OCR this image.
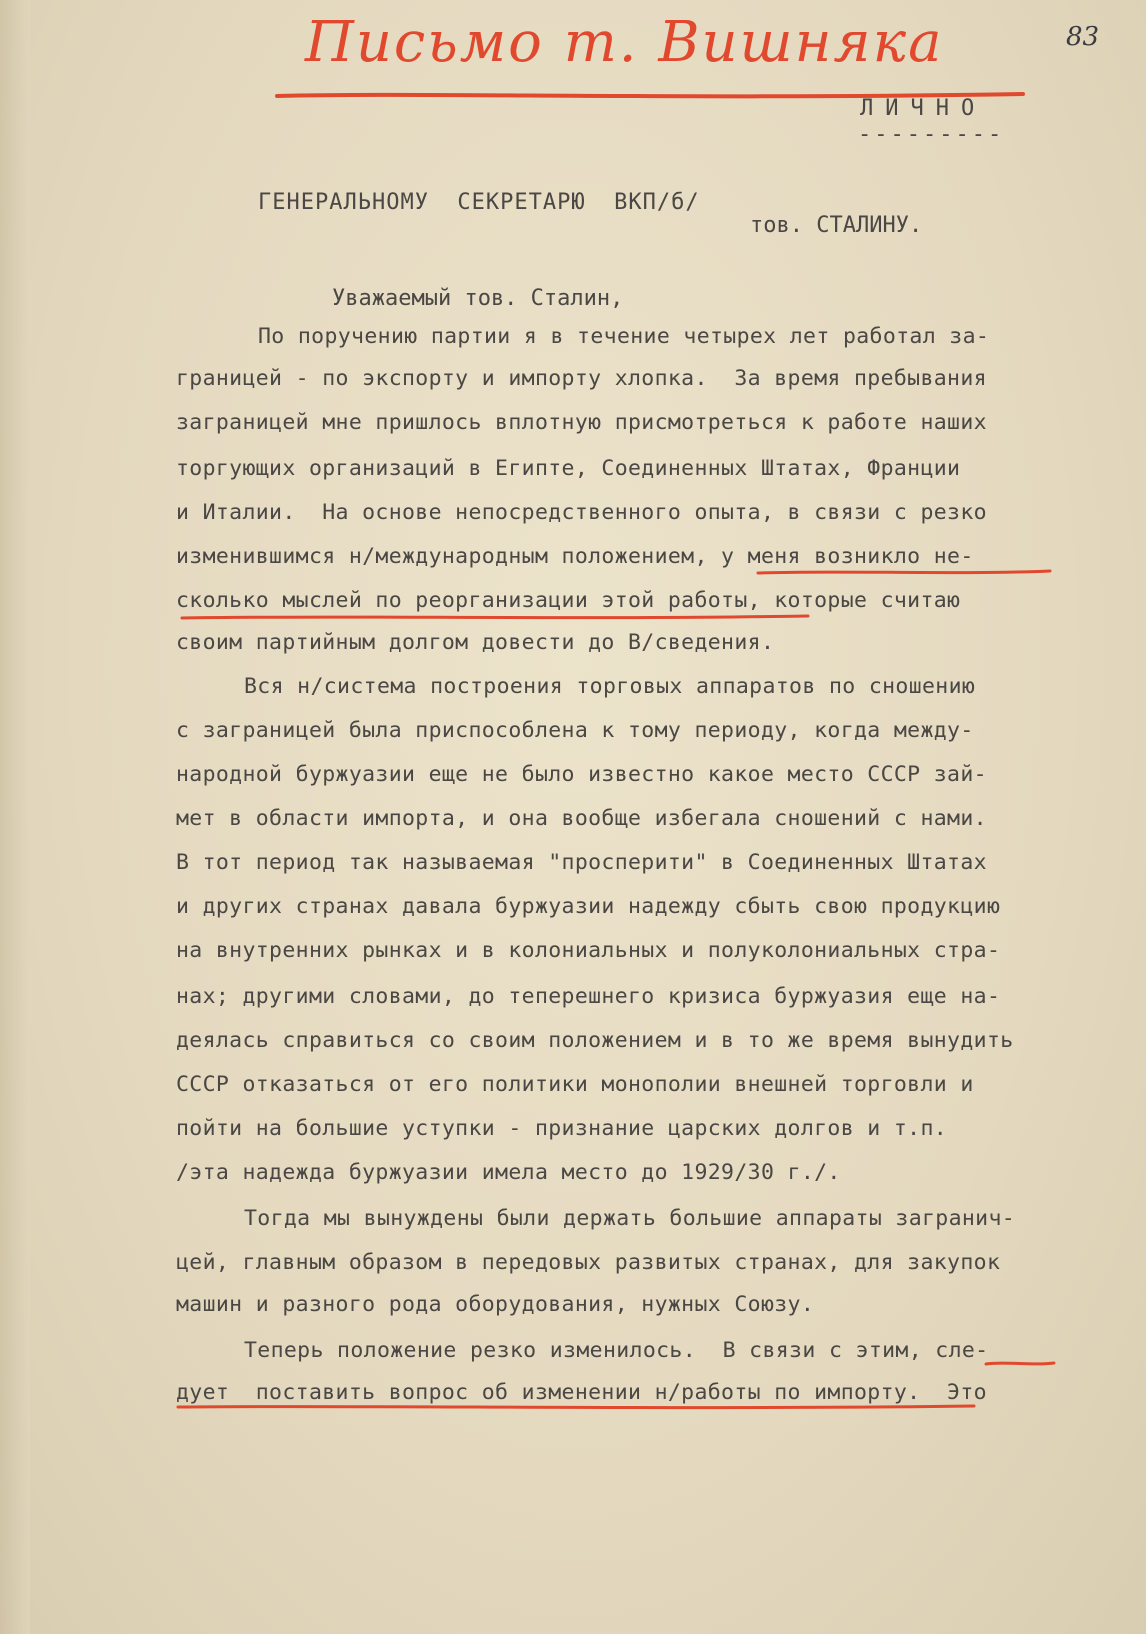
Письмо т. Вишняка	83
ЛИЧНО
---------
ГЕНЕРАЛЬНОМУ  СЕКРЕТАРЮ  ВКП/б/
тов. СТАЛИНУ.
Уважаемый тов. Сталин,
По поручению партии я в течение четырех лет работал за-
границей - по экспорту и импорту хлопка.  За время пребывания
заграницей мне пришлось вплотную присмотреться к работе наших
торгующих организаций в Египте, Соединенных Штатах, Франции
и Италии.  На основе непосредственного опыта, в связи с резко
изменившимся н/международным положением, у меня возникло не-
сколько мыслей по реорганизации этой работы, которые считаю
своим партийным долгом довести до В/сведения.
Вся н/система построения торговых аппаратов по сношению
с заграницей была приспособлена к тому периоду, когда между-
народной буржуазии еще не было известно какое место СССР зай-
мет в области импорта, и она вообще избегала сношений с нами.
В тот период так называемая "просперити" в Соединенных Штатах
и других странах давала буржуазии надежду сбыть свою продукцию
на внутренних рынках и в колониальных и полуколониальных стра-
нах; другими словами, до теперешнего кризиса буржуазия еще на-
деялась справиться со своим положением и в то же время вынудить
СССР отказаться от его политики монополии внешней торговли и
пойти на большие уступки - признание царских долгов и т.п.
/эта надежда буржуазии имела место до 1929/30 г./.
Тогда мы вынуждены были держать большие аппараты загранич-
цей, главным образом в передовых развитых странах, для закупок
машин и разного рода оборудования, нужных Союзу.
Теперь положение резко изменилось.  В связи с этим, сле-
дует  поставить вопрос об изменении н/работы по импорту.  Это
